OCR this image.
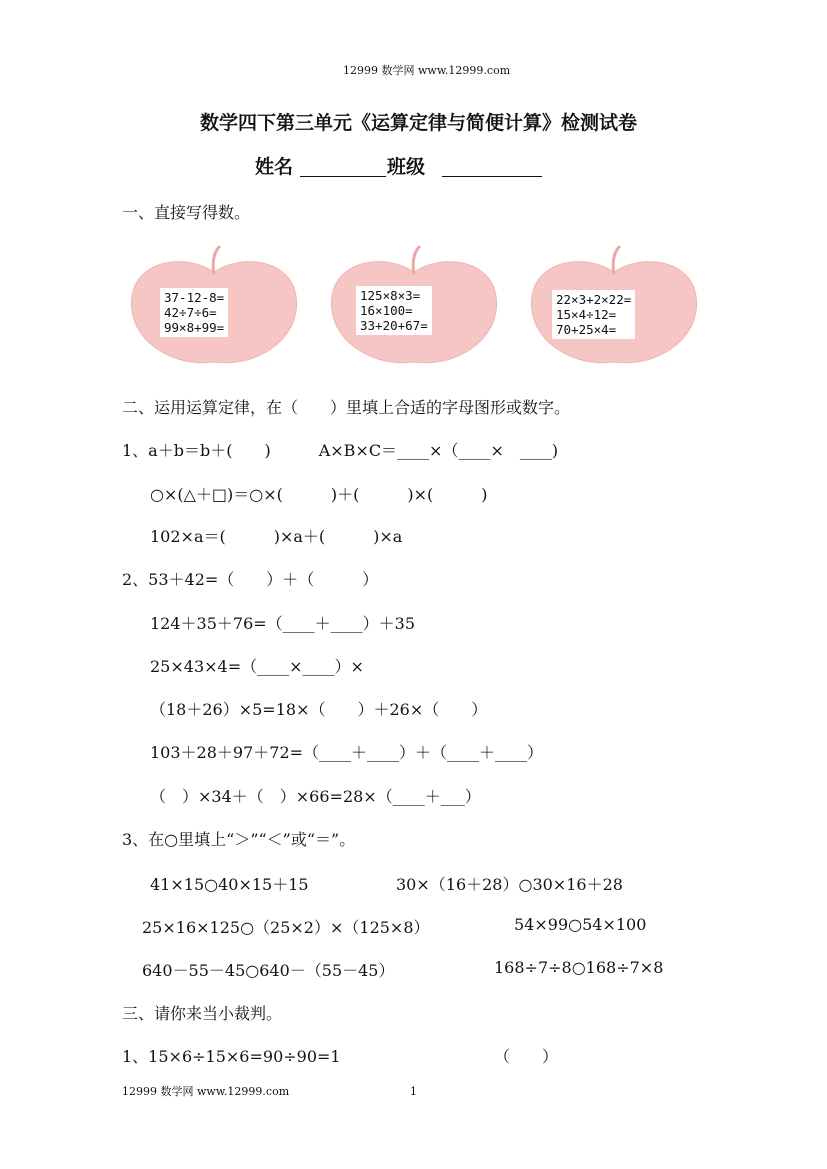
12999 数学网 www.12999.com
数学四下第三单元《运算定律与简便计算》检测试卷
姓名	班级
一、直接写得数。
37-12-8=
42÷7÷6=
99×8+99=
125×8×3=
16×100=
33+20+67=
22×3+2×22=
15×4÷12=
70+25×4=
二、运用运算定律，在（　　）里填上合适的字母图形或数字。
1、a＋b＝b＋(　　)　　　A×B×C＝____×（____×　____)
○×(△＋□)＝○×(　　　)＋(　　　)×(　　　)
102×a＝(　　　)×a＋(　　　)×a
2、53＋42=（　　）＋（　　　）
124＋35＋76=（____＋____）＋35
25×43×4=（____×____）×
（18＋26）×5=18×（　　）＋26×（　　）
103＋28＋97＋72=（____＋____）＋（____＋____）
（　）×34＋（　）×66=28×（____＋___）
3、在○里填上“＞”“＜”或“＝”。
41×15○40×15＋15	30×（16＋28）○30×16＋28
25×16×125○（25×2）×（125×8）	54×99○54×100
640－55－45○640－（55－45）	168÷7÷8○168÷7×8
三、请你来当小裁判。
1、15×6÷15×6=90÷90=1	（　　）
12999 数学网 www.12999.com	1
